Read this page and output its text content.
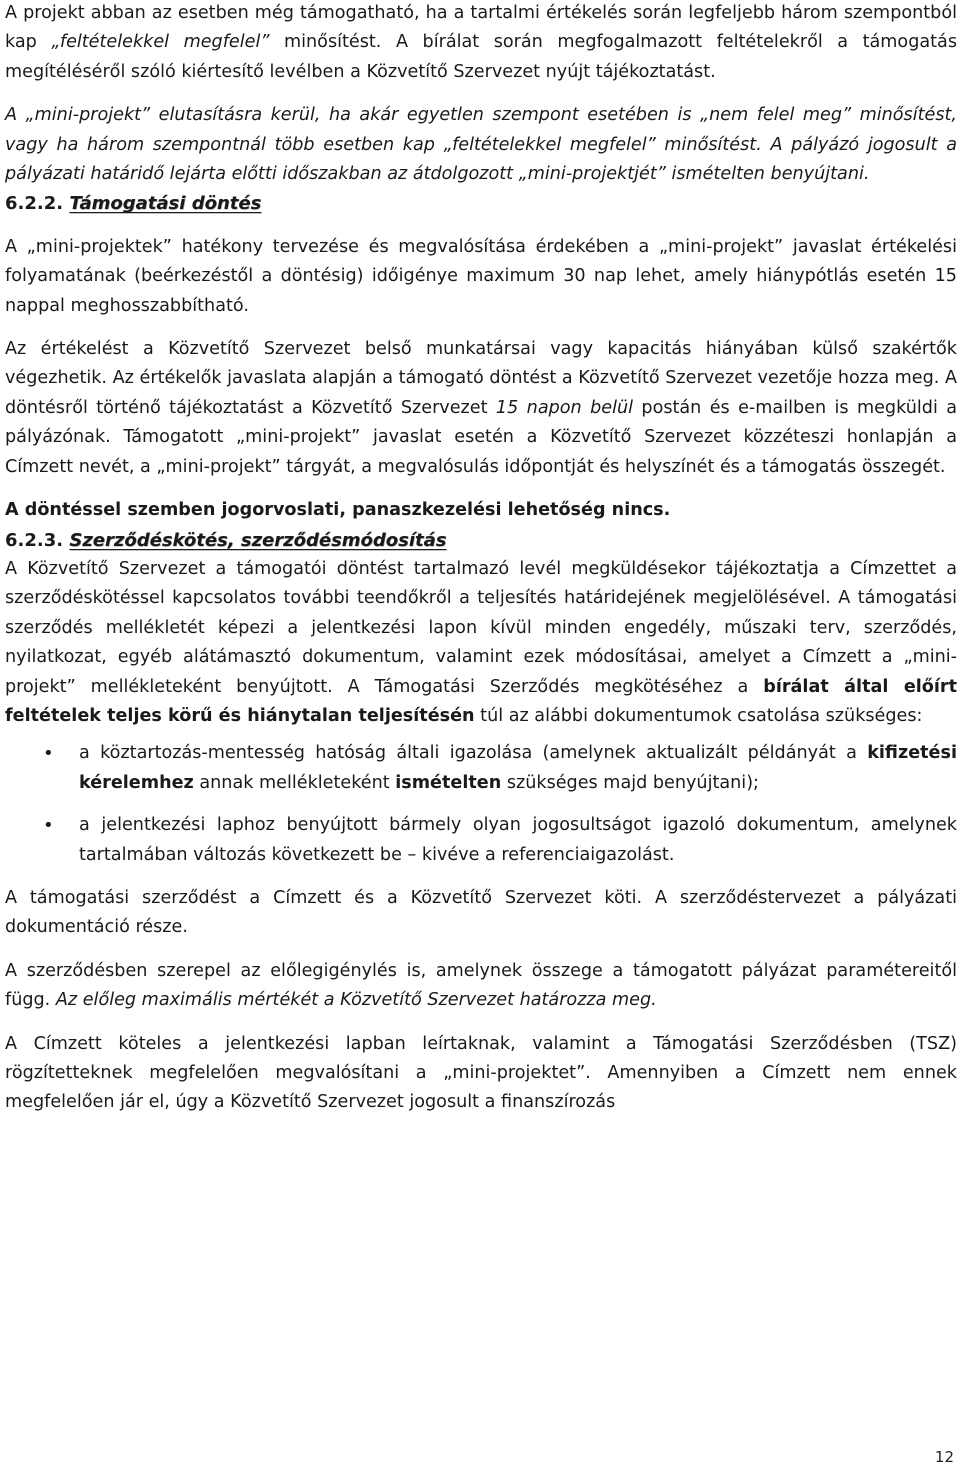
A projekt abban az esetben még támogatható, ha a tartalmi értékelés során legfeljebb három szempontból kap „feltételekkel megfelel” minősítést. A bírálat során megfogalmazott feltételekről a támogatás megítéléséről szóló kiértesítő levélben a Közvetítő Szervezet nyújt tájékoztatást.

A „mini-projekt” elutasításra kerül, ha akár egyetlen szempont esetében is „nem felel meg” minősítést, vagy ha három szempontnál több esetben kap „feltételekkel megfelel” minősítést. A pályázó jogosult a pályázati határidő lejárta előtti időszakban az átdolgozott „mini-projektjét” ismételten benyújtani.

6.2.2. Támogatási döntés

A „mini-projektek” hatékony tervezése és megvalósítása érdekében a „mini-projekt” javaslat értékelési folyamatának (beérkezéstől a döntésig) időigénye maximum 30 nap lehet, amely hiánypótlás esetén 15 nappal meghosszabbítható.

Az értékelést a Közvetítő Szervezet belső munkatársai vagy kapacitás hiányában külső szakértők végezhetik. Az értékelők javaslata alapján a támogató döntést a Közvetítő Szervezet vezetője hozza meg. A döntésről történő tájékoztatást a Közvetítő Szervezet 15 napon belül postán és e-mailben is megküldi a pályázónak. Támogatott „mini-projekt” javaslat esetén a Közvetítő Szervezet közzéteszi honlapján a Címzett nevét, a „mini-projekt” tárgyát, a megvalósulás időpontját és helyszínét és a támogatás összegét.

A döntéssel szemben jogorvoslati, panaszkezelési lehetőség nincs.

6.2.3. Szerződéskötés, szerződésmódosítás

A Közvetítő Szervezet a támogatói döntést tartalmazó levél megküldésekor tájékoztatja a Címzettet a szerződéskötéssel kapcsolatos további teendőkről a teljesítés határidejének megjelölésével. A támogatási szerződés mellékletét képezi a jelentkezési lapon kívül minden engedély, műszaki terv, szerződés, nyilatkozat, egyéb alátámasztó dokumentum, valamint ezek módosításai, amelyet a Címzett a „mini-projekt” mellékleteként benyújtott. A Támogatási Szerződés megkötéséhez a bírálat által előírt feltételek teljes körű és hiánytalan teljesítésén túl az alábbi dokumentumok csatolása szükséges:

• a köztartozás-mentesség hatóság általi igazolása (amelynek aktualizált példányát a kifizetési kérelemhez annak mellékleteként ismételten szükséges majd benyújtani);
• a jelentkezési laphoz benyújtott bármely olyan jogosultságot igazoló dokumentum, amelynek tartalmában változás következett be – kivéve a referenciaigazolást.

A támogatási szerződést a Címzett és a Közvetítő Szervezet köti. A szerződéstervezet a pályázati dokumentáció része.

A szerződésben szerepel az előlegigénylés is, amelynek összege a támogatott pályázat paramétereitől függ. Az előleg maximális mértékét a Közvetítő Szervezet határozza meg.

A Címzett köteles a jelentkezési lapban leírtaknak, valamint a Támogatási Szerződésben (TSZ) rögzítetteknek megfelelően megvalósítani a „mini-projektet”. Amennyiben a Címzett nem ennek megfelelően jár el, úgy a Közvetítő Szervezet jogosult a finanszírozás

12
